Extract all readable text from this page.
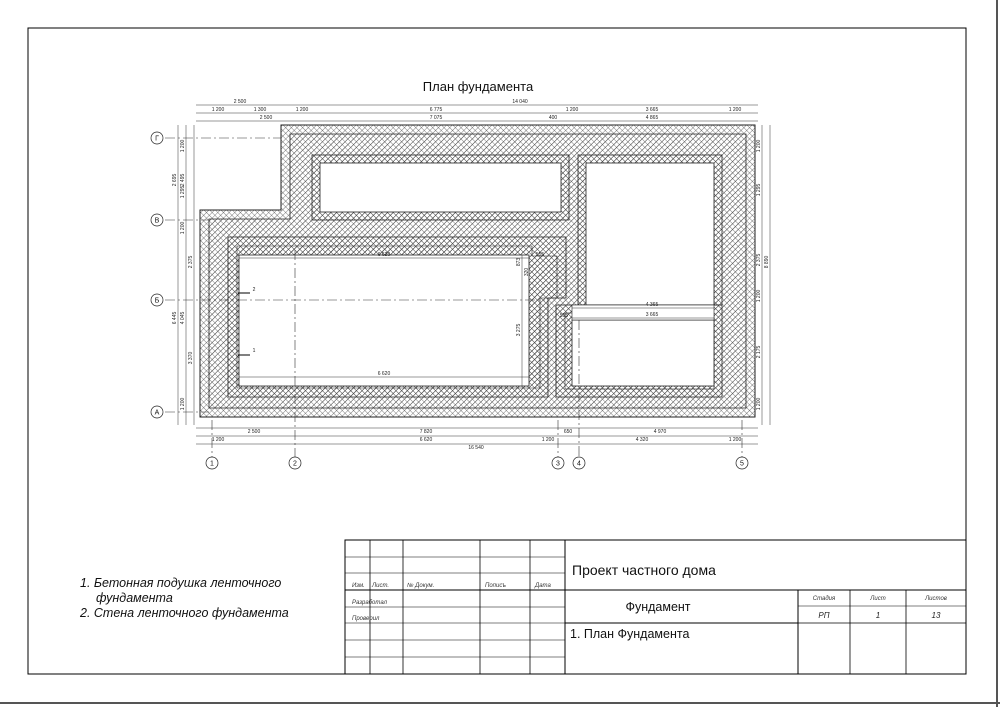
План фундамента
2 500
1 200	1 300	1 200	6 775	1 200	3 665	1 200
14 040
2 500	7 075	400	4 865
2 500	7 820	4 970
1 200	6 620	1 200
650
4 320	1 200
16 540
2 695
2 375
3 370
6 445
1 200
2 495
1 295
1 200
4 045
1 200
1 200
1 295
2 375
1 200
2 175
1 200
8 890
6 620
6 620
3 275
555
873
320
555
4 365
3 665
2
1
Г
В
Б
А
1	2	3 4	5
Изм. Лист.	№ Докум.	Пописъ	Дата
Разработал
Проверил
Проект частного дома
Фундамент
1. План Фундамента
Стадия	Лист	Листов
РП	1	13
1. Бетонная подушка ленточного
фундамента
2. Стена ленточного фундамента
